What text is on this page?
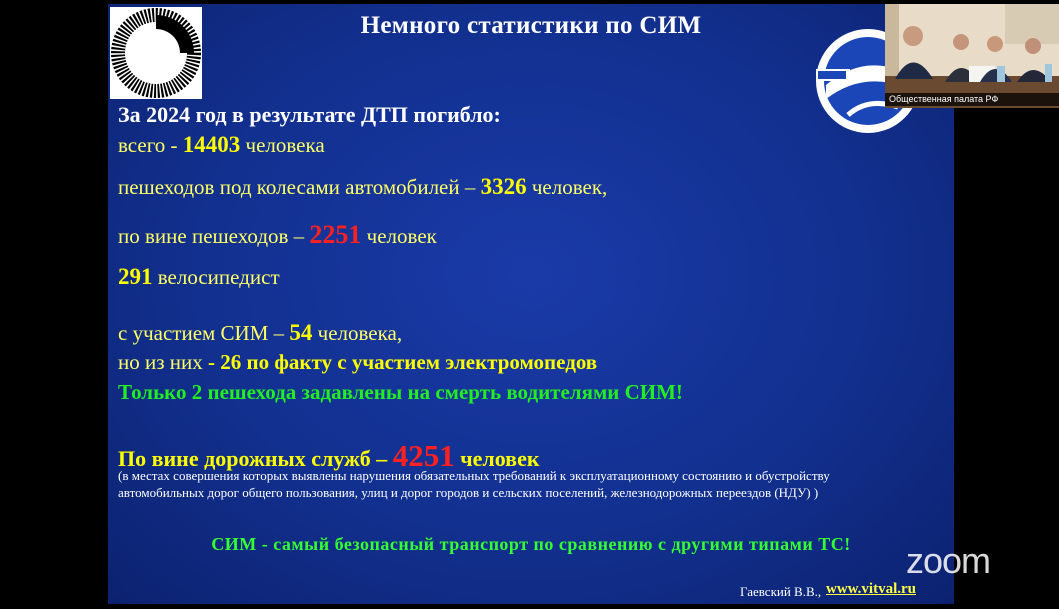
Немного статистики по СИМ
За 2024 год в результате ДТП погибло:
всего - 14403 человека
пешеходов под колесами автомобилей – 3326 человек,
по вине пешеходов – 2251 человек
291 велосипедист
с участием СИМ – 54 человека,
но из них - 26 по факту с участием электромопедов
Только 2 пешехода задавлены на смерть водителями СИМ!
По вине дорожных служб – 4251 человек
(в местах совершения которых выявлены нарушения обязательных требований к эксплуатационному состоянию и обустройству
автомобильных дорог общего пользования, улиц и дорог городов и сельских поселений, железнодорожных переездов (НДУ) )
СИМ - самый безопасный транспорт по сравнению с другими типами ТС!
Гаевский В.В., www.vitval.ru
Общественная палата РФ
zoom
